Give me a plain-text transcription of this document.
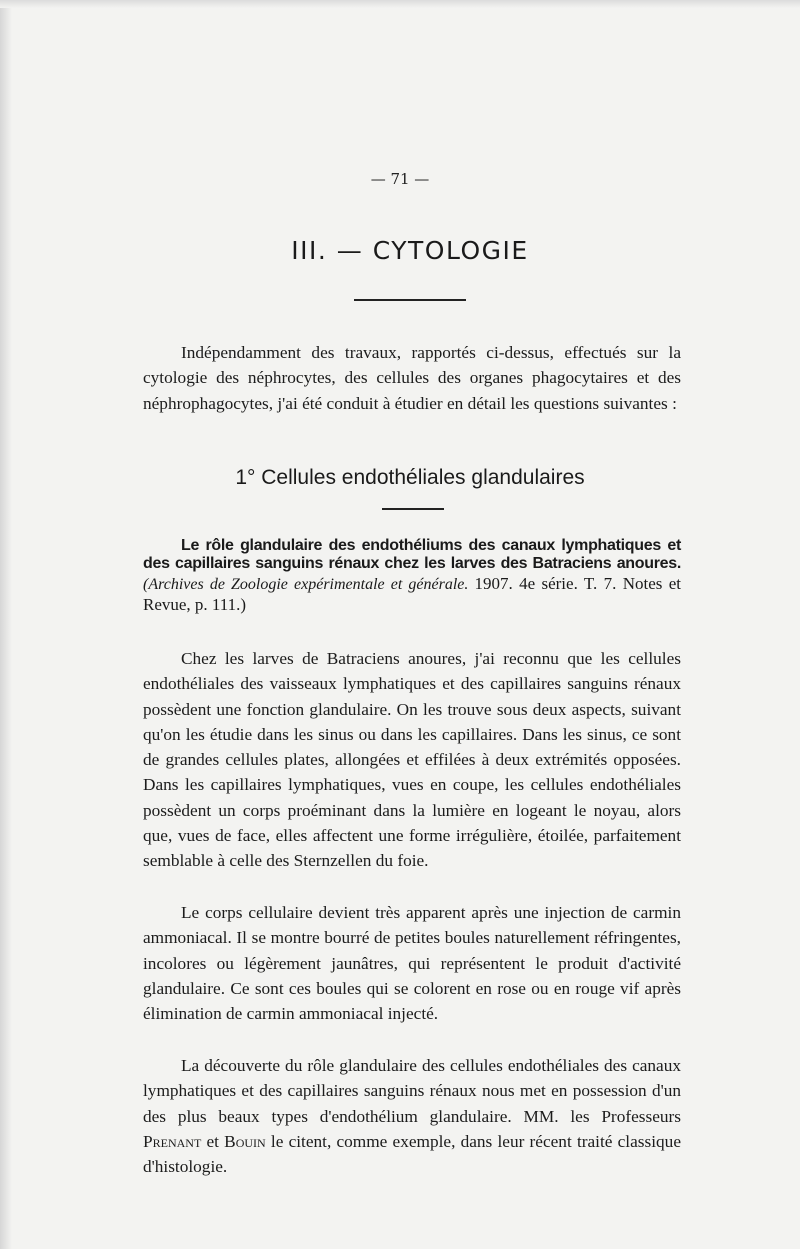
— 71 —
III. — CYTOLOGIE
Indépendamment des travaux, rapportés ci-dessus, effectués sur la cytologie des néphrocytes, des cellules des organes phagocytaires et des néphrophagocytes, j'ai été conduit à étudier en détail les questions suivantes :
1° Cellules endothéliales glandulaires
Le rôle glandulaire des endothéliums des canaux lymphatiques et des capillaires sanguins rénaux chez les larves des Batraciens anoures. (Archives de Zoologie expérimentale et générale. 1907. 4e série. T. 7. Notes et Revue, p. 111.)
Chez les larves de Batraciens anoures, j'ai reconnu que les cellules endothéliales des vaisseaux lymphatiques et des capillaires sanguins rénaux possèdent une fonction glandulaire. On les trouve sous deux aspects, suivant qu'on les étudie dans les sinus ou dans les capillaires. Dans les sinus, ce sont de grandes cellules plates, allongées et effilées à deux extrémités opposées. Dans les capillaires lymphatiques, vues en coupe, les cellules endothéliales possèdent un corps proéminant dans la lumière en logeant le noyau, alors que, vues de face, elles affectent une forme irrégulière, étoilée, parfaitement semblable à celle des Sternzellen du foie.
Le corps cellulaire devient très apparent après une injection de carmin ammoniacal. Il se montre bourré de petites boules naturellement réfringentes, incolores ou légèrement jaunâtres, qui représentent le produit d'activité glandulaire. Ce sont ces boules qui se colorent en rose ou en rouge vif après élimination de carmin ammoniacal injecté.
La découverte du rôle glandulaire des cellules endothéliales des canaux lymphatiques et des capillaires sanguins rénaux nous met en possession d'un des plus beaux types d'endothélium glandulaire. MM. les Professeurs Prenant et Bouin le citent, comme exemple, dans leur récent traité classique d'histologie.
